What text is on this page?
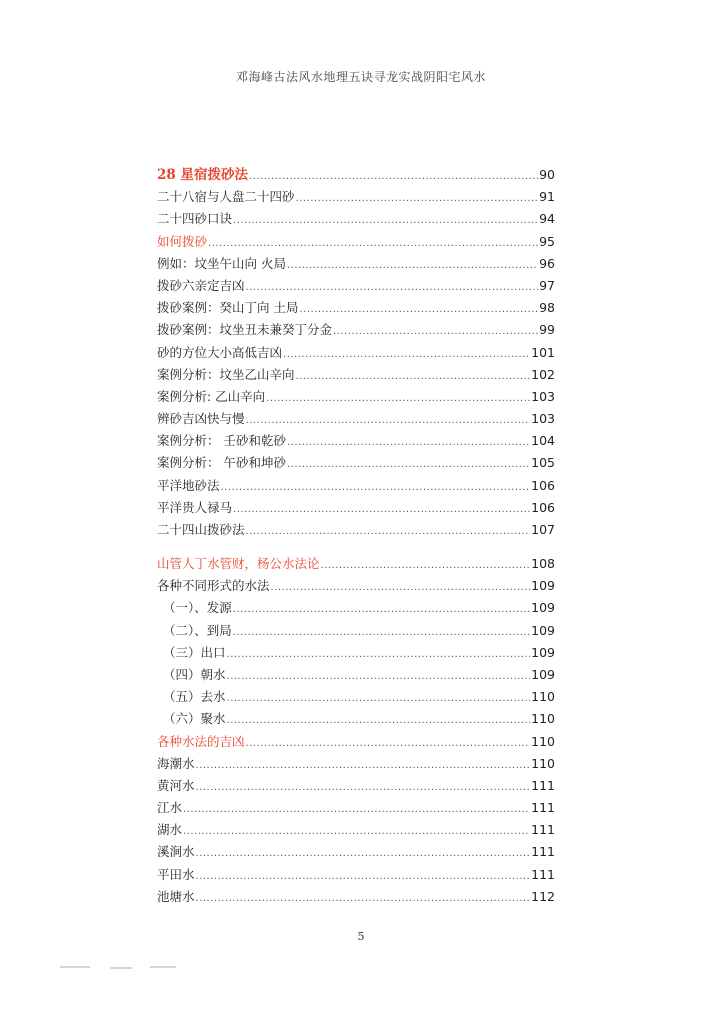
邓海峰古法风水地理五诀寻龙实战阴阳宅风水
28 星宿拨砂法 .....	90
二十八宿与人盘二十四砂 .....	91
二十四砂口诀 .....	94
如何拨砂 .....	95
例如：坟坐午山向 火局 .....	96
拨砂六亲定吉凶 .....	97
拨砂案例：癸山丁向 土局 .....	98
拨砂案例：坟坐丑未兼癸丁分金 .....	99
砂的方位大小高低吉凶 .....	101
案例分析：坟坐乙山辛向 .....	102
案例分析: 乙山辛向 .....	103
辨砂吉凶快与慢 .....	103
案例分析： 壬砂和乾砂 .....	104
案例分析： 午砂和坤砂 .....	105
平洋地砂法 .....	106
平洋贵人禄马 .....	106
二十四山拨砂法 .....	107
山管人丁水管财，杨公水法论 .....	108
各种不同形式的水法 .....	109
（一）、发源 .....	109
（二）、到局 .....	109
（三）出口 .....	109
（四）朝水 .....	109
（五）去水 .....	110
（六）聚水 .....	110
各种水法的吉凶 .....	110
海潮水 .....	110
黄河水 .....	111
江水 .....	111
湖水 .....	111
溪涧水 .....	111
平田水 .....	111
池塘水 .....	112
5
